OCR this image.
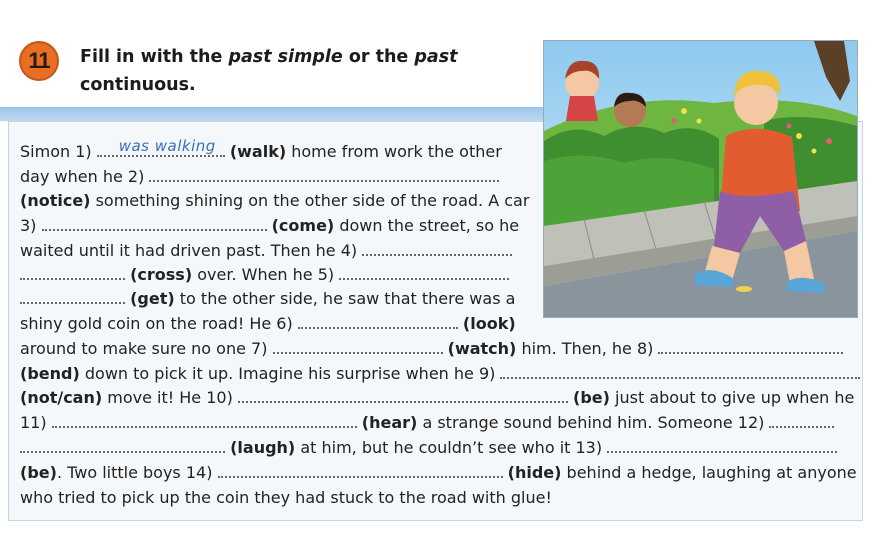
11 Fill in with the past simple or the past
continuous.
Simon 1) was walking (walk) home from work the other
day when he 2)
(notice) something shining on the other side of the road. A car
3)	(come) down the street, so he
waited until it had driven past. Then he 4)
(cross) over. When he 5)
(get) to the other side, he saw that there was a
shiny gold coin on the road! He 6)	(look)
around to make sure no one 7)	(watch) him. Then, he 8)
(bend) down to pick it up. Imagine his surprise when he 9)
(not/can) move it! He 10)	(be) just about to give up when he
11)	(hear) a strange sound behind him. Someone 12)
(laugh) at him, but he couldn’t see who it 13)
(be). Two little boys 14)	(hide) behind a hedge, laughing at anyone
who tried to pick up the coin they had stuck to the road with glue!
